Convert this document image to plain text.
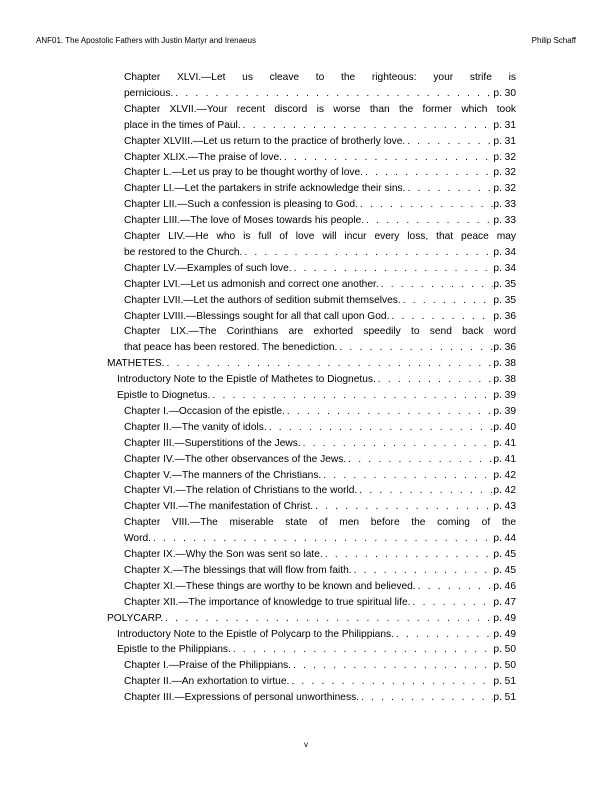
ANF01. The Apostolic Fathers with Justin Martyr and Irenaeus	Philip Schaff
Chapter XLVI.—Let us cleave to the righteous: your strife is
pernicious. . . .	p. 30
Chapter XLVII.—Your recent discord is worse than the former which took
place in the times of Paul. . . .	p. 31
Chapter XLVIII.—Let us return to the practice of brotherly love. . . .	p. 31
Chapter XLIX.—The praise of love. . . .	p. 32
Chapter L.—Let us pray to be thought worthy of love. . . .	p. 32
Chapter LI.—Let the partakers in strife acknowledge their sins. . . .	p. 32
Chapter LII.—Such a confession is pleasing to God. . . .	p. 33
Chapter LIII.—The love of Moses towards his people. . . .	p. 33
Chapter LIV.—He who is full of love will incur every loss, that peace may
be restored to the Church. . . .	p. 34
Chapter LV.—Examples of such love. . . .	p. 34
Chapter LVI.—Let us admonish and correct one another. . . .	p. 35
Chapter LVII.—Let the authors of sedition submit themselves. . . .	p. 35
Chapter LVIII.—Blessings sought for all that call upon God. . . .	p. 36
Chapter LIX.—The Corinthians are exhorted speedily to send back word
that peace has been restored. The benediction. . . .	p. 36
MATHETES. . . .	p. 38
Introductory Note to the Epistle of Mathetes to Diognetus. . . .	p. 38
Epistle to Diognetus. . . .	p. 39
Chapter I.—Occasion of the epistle. . . .	p. 39
Chapter II.—The vanity of idols. . . .	p. 40
Chapter III.—Superstitions of the Jews. . . .	p. 41
Chapter IV.—The other observances of the Jews. . . .	p. 41
Chapter V.—The manners of the Christians. . . .	p. 42
Chapter VI.—The relation of Christians to the world. . . .	p. 42
Chapter VII.—The manifestation of Christ. . . .	p. 43
Chapter VIII.—The miserable state of men before the coming of the
Word. . . .	p. 44
Chapter IX.—Why the Son was sent so late. . . .	p. 45
Chapter X.—The blessings that will flow from faith. . . .	p. 45
Chapter XI.—These things are worthy to be known and believed. . . .	p. 46
Chapter XII.—The importance of knowledge to true spiritual life. . . .	p. 47
POLYCARP. . . .	p. 49
Introductory Note to the Epistle of Polycarp to the Philippians. . . .	p. 49
Epistle to the Philippians. . . .	p. 50
Chapter I.—Praise of the Philippians. . . .	p. 50
Chapter II.—An exhortation to virtue. . . .	p. 51
Chapter III.—Expressions of personal unworthiness. . . .	p. 51
v
